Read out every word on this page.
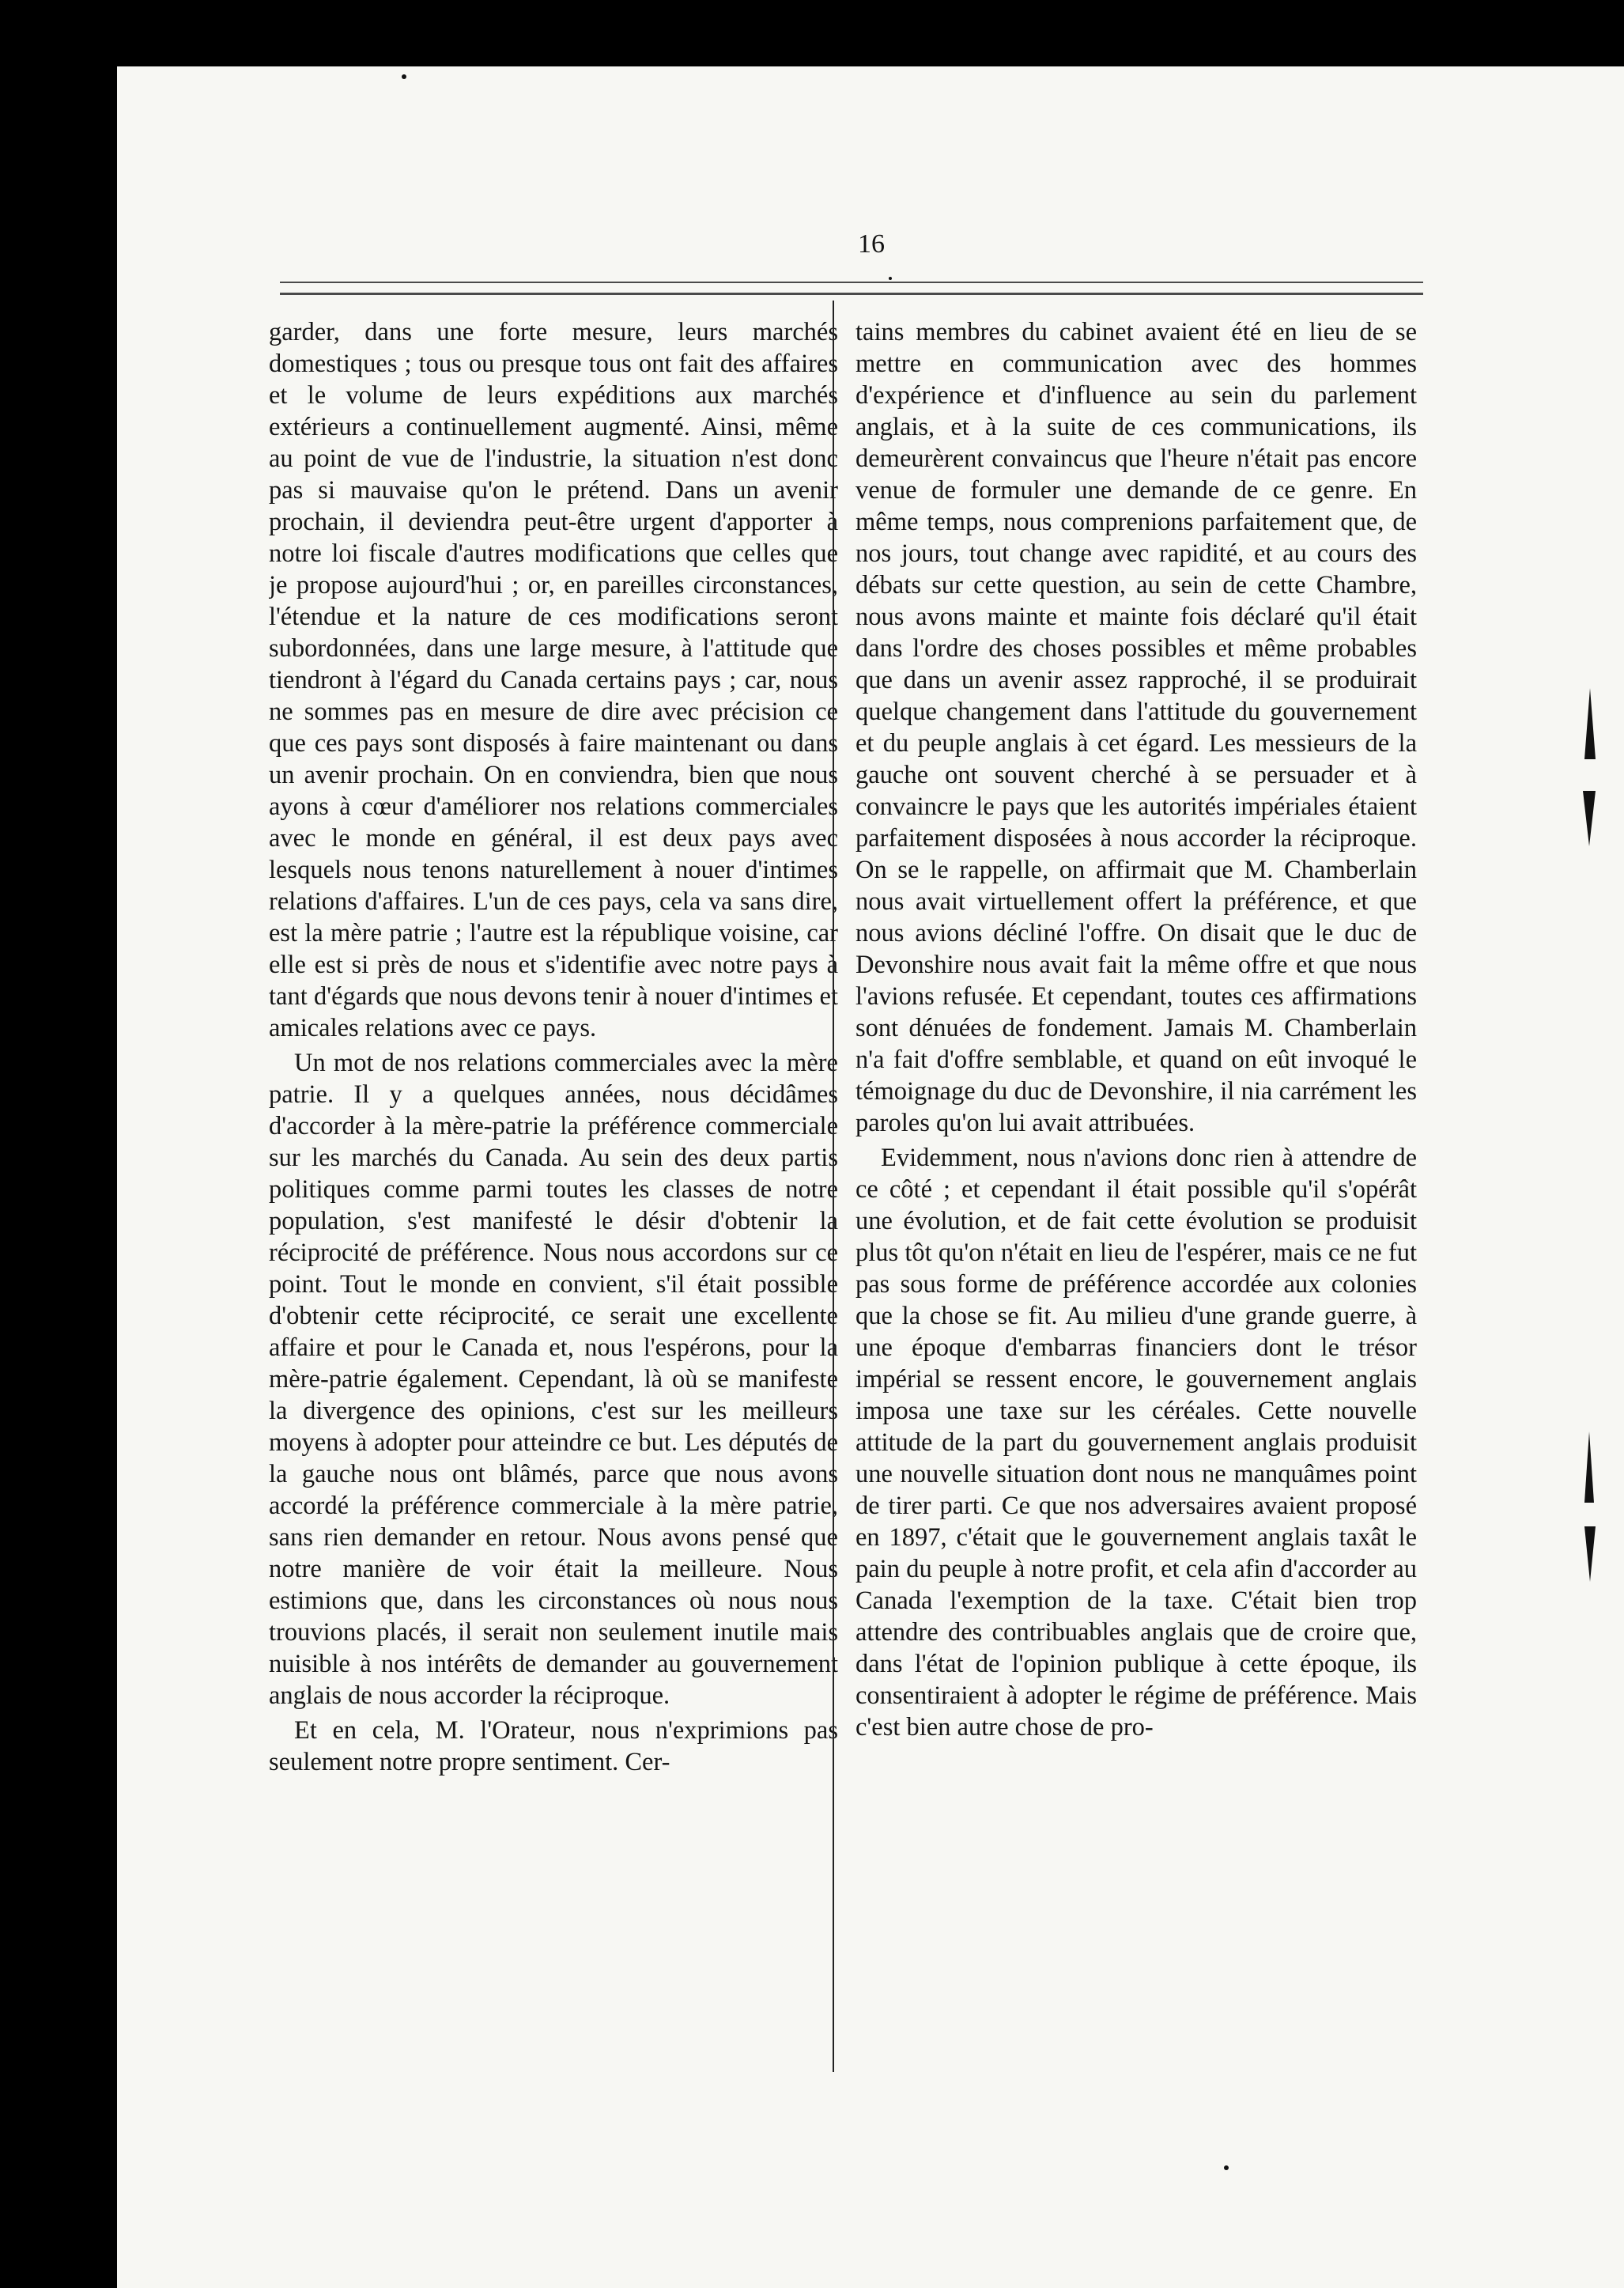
16

garder, dans une forte mesure, leurs marchés domestiques ; tous ou presque tous ont fait des affaires et le volume de leurs expéditions aux marchés extérieurs a continuellement augmenté. Ainsi, même au point de vue de l'industrie, la situation n'est donc pas si mauvaise qu'on le prétend. Dans un avenir prochain, il deviendra peut-être urgent d'apporter à notre loi fiscale d'autres modifications que celles que je propose aujourd'hui ; or, en pareilles circonstances, l'étendue et la nature de ces modifications seront subordonnées, dans une large mesure, à l'attitude que tiendront à l'égard du Canada certains pays ; car, nous ne sommes pas en mesure de dire avec précision ce que ces pays sont disposés à faire maintenant ou dans un avenir prochain. On en conviendra, bien que nous ayons à cœur d'améliorer nos relations commerciales avec le monde en général, il est deux pays avec lesquels nous tenons naturellement à nouer d'intimes relations d'affaires. L'un de ces pays, cela va sans dire, est la mère patrie ; l'autre est la république voisine, car elle est si près de nous et s'identifie avec notre pays à tant d'égards que nous devons tenir à nouer d'intimes et amicales relations avec ce pays.

Un mot de nos relations commerciales avec la mère patrie. Il y a quelques années, nous décidâmes d'accorder à la mère-patrie la préférence commerciale sur les marchés du Canada. Au sein des deux partis politiques comme parmi toutes les classes de notre population, s'est manifesté le désir d'obtenir la réciprocité de préférence. Nous nous accordons sur ce point. Tout le monde en convient, s'il était possible d'obtenir cette réciprocité, ce serait une excellente affaire et pour le Canada et, nous l'espérons, pour la mère-patrie également. Cependant, là où se manifeste la divergence des opinions, c'est sur les meilleurs moyens à adopter pour atteindre ce but. Les députés de la gauche nous ont blâmés, parce que nous avons accordé la préférence commerciale à la mère patrie, sans rien demander en retour. Nous avons pensé que notre manière de voir était la meilleure. Nous estimions que, dans les circonstances où nous nous trouvions placés, il serait non seulement inutile mais nuisible à nos intérêts de demander au gouvernement anglais de nous accorder la réciproque.

Et en cela, M. l'Orateur, nous n'exprimions pas seulement notre propre sentiment. Cer-

tains membres du cabinet avaient été en lieu de se mettre en communication avec des hommes d'expérience et d'influence au sein du parlement anglais, et à la suite de ces communications, ils demeurèrent convaincus que l'heure n'était pas encore venue de formuler une demande de ce genre. En même temps, nous comprenions parfaitement que, de nos jours, tout change avec rapidité, et au cours des débats sur cette question, au sein de cette Chambre, nous avons mainte et mainte fois déclaré qu'il était dans l'ordre des choses possibles et même probables que dans un avenir assez rapproché, il se produirait quelque changement dans l'attitude du gouvernement et du peuple anglais à cet égard. Les messieurs de la gauche ont souvent cherché à se persuader et à convaincre le pays que les autorités impériales étaient parfaitement disposées à nous accorder la réciproque. On se le rappelle, on affirmait que M. Chamberlain nous avait virtuellement offert la préférence, et que nous avions décliné l'offre. On disait que le duc de Devonshire nous avait fait la même offre et que nous l'avions refusée. Et cependant, toutes ces affirmations sont dénuées de fondement. Jamais M. Chamberlain n'a fait d'offre semblable, et quand on eût invoqué le témoignage du duc de Devonshire, il nia carrément les paroles qu'on lui avait attribuées.

Evidemment, nous n'avions donc rien à attendre de ce côté ; et cependant il était possible qu'il s'opérât une évolution, et de fait cette évolution se produisit plus tôt qu'on n'était en lieu de l'espérer, mais ce ne fut pas sous forme de préférence accordée aux colonies que la chose se fit. Au milieu d'une grande guerre, à une époque d'embarras financiers dont le trésor impérial se ressent encore, le gouvernement anglais imposa une taxe sur les céréales. Cette nouvelle attitude de la part du gouvernement anglais produisit une nouvelle situation dont nous ne manquâmes point de tirer parti. Ce que nos adversaires avaient proposé en 1897, c'était que le gouvernement anglais taxât le pain du peuple à notre profit, et cela afin d'accorder au Canada l'exemption de la taxe. C'était bien trop attendre des contribuables anglais que de croire que, dans l'état de l'opinion publique à cette époque, ils consentiraient à adopter le régime de préférence. Mais c'est bien autre chose de pro-
